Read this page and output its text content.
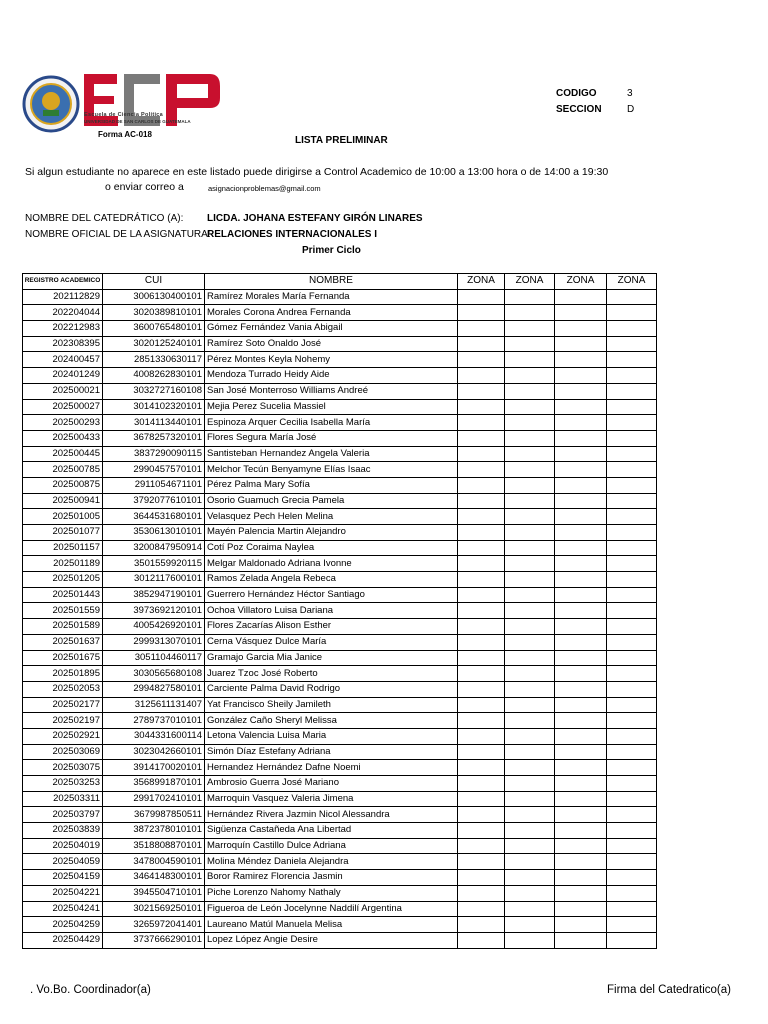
Escuela de Ciencia Política
UNIVERSIDAD DE SAN CARLOS DE GUATEMALA
Forma AC-018
CODIGO	3
SECCION	D
LISTA PRELIMINAR
Si algun estudiante no aparece en este listado puede dirigirse a Control Academico de 10:00 a 13:00 hora o de 14:00 a 19:30
o enviar correo a	asignacionproblemas@gmail.com
NOMBRE DEL CATEDRÁTICO (A): LICDA. JOHANA ESTEFANY GIRÓN LINARES
NOMBRE OFICIAL DE LA ASIGNATURA:
RELACIONES INTERNACIONALES I
Primer Ciclo
REGISTRO ACADEMICO	CUI	NOMBRE	ZONA	ZONA	ZONA	ZONA
202112829	3006130400101	Ramírez Morales María Fernanda				
202204044	3020389810101	Morales Corona Andrea Fernanda				
202212983	3600765480101	Gómez Fernández Vania Abigail				
202308395	3020125240101	Ramírez Soto Onaldo José				
202400457	2851330630117	Pérez Montes Keyla Nohemy				
202401249	4008262830101	Mendoza Turrado Heidy Aide				
202500021	3032727160108	San José Monterroso Williams Andreé				
202500027	3014102320101	Mejia Perez Sucelia Massiel				
202500293	3014113440101	Espinoza Arquer Cecilia Isabella María				
202500433	3678257320101	Flores Segura María José				
202500445	3837290090115	Santisteban Hernandez Angela Valeria				
202500785	2990457570101	Melchor Tecún Benyamyne Elías Isaac				
202500875	2911054671101	Pérez Palma Mary Sofía				
202500941	3792077610101	Osorio Guamuch Grecia Pamela				
202501005	3644531680101	Velasquez Pech Helen Melina				
202501077	3530613010101	Mayén Palencia Martin Alejandro				
202501157	3200847950914	Cotí Poz Coraima Naylea				
202501189	3501559920115	Melgar Maldonado Adriana Ivonne				
202501205	3012117600101	Ramos Zelada Angela Rebeca				
202501443	3852947190101	Guerrero Hernández Héctor Santiago				
202501559	3973692120101	Ochoa Villatoro Luisa Dariana				
202501589	4005426920101	Flores Zacarías Alison Esther				
202501637	2999313070101	Cerna Vásquez Dulce María				
202501675	3051104460117	Gramajo Garcia Mia Janice				
202501895	3030565680108	Juarez Tzoc José Roberto				
202502053	2994827580101	Carciente Palma David Rodrigo				
202502177	3125611131407	Yat Francisco Sheily Jamileth				
202502197	2789737010101	González Caño Sheryl Melissa				
202502921	3044331600114	Letona Valencia Luisa Maria				
202503069	3023042660101	Simón Díaz Estefany Adriana				
202503075	3914170020101	Hernandez Hernández Dafne Noemi				
202503253	3568991870101	Ambrosio Guerra José Mariano				
202503311	2991702410101	Marroquin Vasquez Valeria Jimena				
202503797	3679987850511	Hernández Rivera Jazmin Nicol Alessandra				
202503839	3872378010101	Sigüenza Castañeda Ana Libertad				
202504019	3518808870101	Marroquín Castillo Dulce Adriana				
202504059	3478004590101	Molina Méndez Daniela Alejandra				
202504159	3464148300101	Boror Ramirez Florencia Jasmin				
202504221	3945504710101	Piche Lorenzo Nahomy Nathaly				
202504241	3021569250101	Figueroa de León Jocelynne Naddilí Argentina				
202504259	3265972041401	Laureano Matúl Manuela Melisa				
202504429	3737666290101	Lopez López Angie Desire				
. Vo.Bo. Coordinador(a)	Firma del Catedratico(a)
